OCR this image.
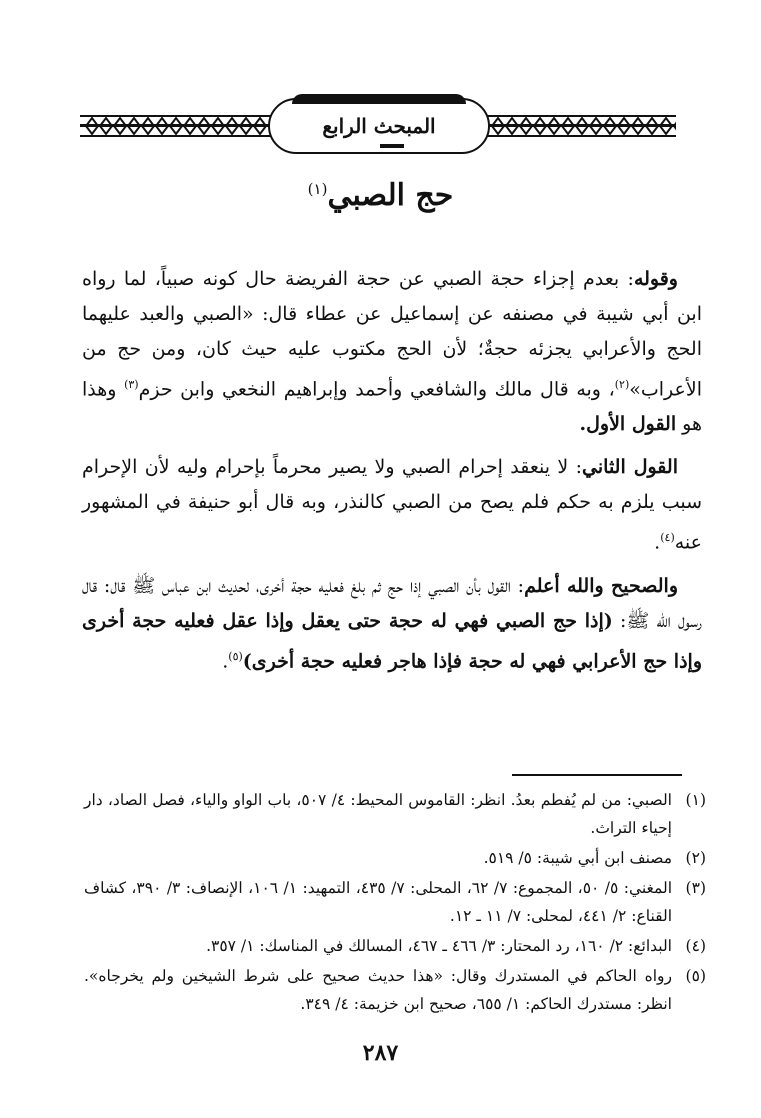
المبحث الرابع
حج الصبي$^{(١)}$

وقوله: بعدم إجزاء حجة الصبي عن حجة الفريضة حال كونه صبياً، لما رواه ابن أبي شيبة في مصنفه عن إسماعيل عن عطاء قال: «الصبي والعبد عليهما الحج والأعرابي يجزئه حجةٌ؛ لأن الحج مكتوب عليه حيث كان، ومن حج من الأعراب»$^{(٢)}$، وبه قال مالك والشافعي وأحمد وإبراهيم النخعي وابن حزم$^{(٣)}$ وهذا هو القول الأول.

القول الثاني: لا ينعقد إحرام الصبي ولا يصير محرماً بإحرام وليه لأن الإحرام سبب يلزم به حكم فلم يصح من الصبي كالنذر، وبه قال أبو حنيفة في المشهور عنه$^{(٤)}$.

والصحيح والله أعلم: القول بأن الصبي إذا حج ثم بلغ فعليه حجة أخرى، لحديث ابن عباس ﷺ قال: قال رسول الله ﷺ: (إذا حج الصبي فهي له حجة حتى يعقل وإذا عقل فعليه حجة أخرى وإذا حج الأعرابي فهي له حجة فإذا هاجر فعليه حجة أخرى)$^{(٥)}$.

(١)
الصبي: من لم يُفطم بعدُ. انظر: القاموس المحيط: ٤/ ٥٠٧، باب الواو والياء، فصل الصاد، دار إحياء التراث.
(٢)
مصنف ابن أبي شيبة: ٥/ ٥١٩.
(٣)
المغني: ٥/ ٥٠، المجموع: ٧/ ٦٢، المحلى: ٧/ ٤٣٥، التمهيد: ١/ ١٠٦، الإنصاف: ٣/ ٣٩٠، كشاف القناع: ٢/ ٤٤١، لمحلى: ٧/ ١١ ـ ١٢.
(٤)
البدائع: ٢/ ١٦٠، رد المحتار: ٣/ ٤٦٦ ـ ٤٦٧، المسالك في المناسك: ١/ ٣٥٧.
(٥)
رواه الحاكم في المستدرك وقال: «هذا حديث صحيح على شرط الشيخين ولم يخرجاه». انظر: مستدرك الحاكم: ١/ ٦٥٥، صحيح ابن خزيمة: ٤/ ٣٤٩.
٢٨٧
